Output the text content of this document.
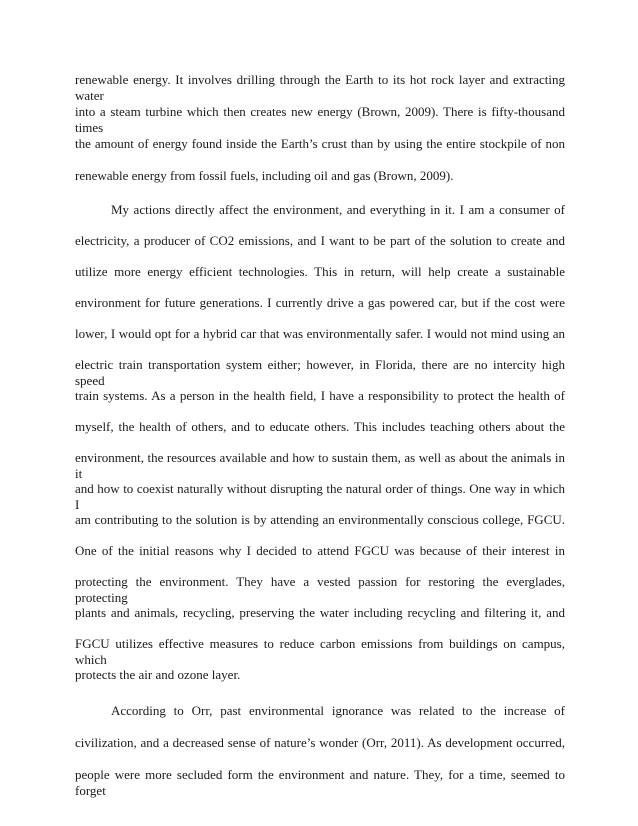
renewable energy. It involves drilling through the Earth to its hot rock layer and extracting water
into a steam turbine which then creates new energy (Brown, 2009). There is fifty-thousand times
the amount of energy found inside the Earth’s crust than by using the entire stockpile of non
renewable energy from fossil fuels, including oil and gas (Brown, 2009).
My actions directly affect the environment, and everything in it. I am a consumer of
electricity, a producer of CO2 emissions, and I want to be part of the solution to create and
utilize more energy efficient technologies. This in return, will help create a sustainable
environment for future generations. I currently drive a gas powered car, but if the cost were
lower, I would opt for a hybrid car that was environmentally safer. I would not mind using an
electric train transportation system either; however, in Florida, there are no intercity high speed
train systems. As a person in the health field, I have a responsibility to protect the health of
myself, the health of others, and to educate others. This includes teaching others about the
environment, the resources available and how to sustain them, as well as about the animals in it
and how to coexist naturally without disrupting the natural order of things. One way in which I
am contributing to the solution is by attending an environmentally conscious college, FGCU.
One of the initial reasons why I decided to attend FGCU was because of their interest in
protecting the environment. They have a vested passion for restoring the everglades, protecting
plants and animals, recycling, preserving the water including recycling and filtering it, and
FGCU utilizes effective measures to reduce carbon emissions from buildings on campus, which
protects the air and ozone layer.
According to Orr, past environmental ignorance was related to the increase of
civilization, and a decreased sense of nature’s wonder (Orr, 2011). As development occurred,
people were more secluded form the environment and nature. They, for a time, seemed to forget
